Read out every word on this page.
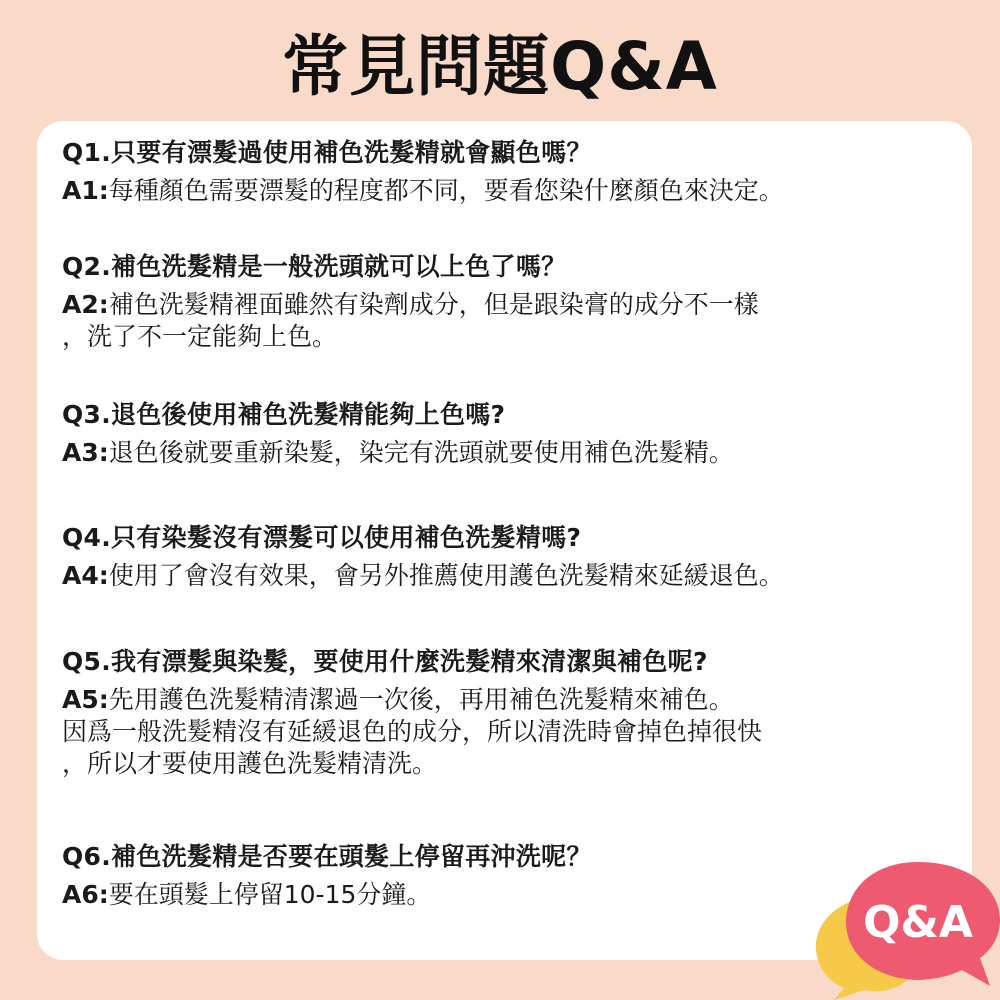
常見問題Q&A
Q1.只要有漂髮過使用補色洗髮精就會顯色嗎？
A1:每種顏色需要漂髮的程度都不同，要看您染什麼顏色來決定。
Q2.補色洗髮精是一般洗頭就可以上色了嗎？
A2:補色洗髮精裡面雖然有染劑成分，但是跟染膏的成分不一樣
，洗了不一定能夠上色。
Q3.退色後使用補色洗髮精能夠上色嗎?
A3:退色後就要重新染髮，染完有洗頭就要使用補色洗髮精。
Q4.只有染髮沒有漂髮可以使用補色洗髮精嗎?
A4:使用了會沒有效果，會另外推薦使用護色洗髮精來延緩退色。
Q5.我有漂髮與染髮，要使用什麼洗髮精來清潔與補色呢?
A5:先用護色洗髮精清潔過一次後，再用補色洗髮精來補色。
因爲一般洗髮精沒有延緩退色的成分，所以清洗時會掉色掉很快
，所以才要使用護色洗髮精清洗。
Q6.補色洗髮精是否要在頭髮上停留再沖洗呢？
A6:要在頭髮上停留10-15分鐘。
Q&A
